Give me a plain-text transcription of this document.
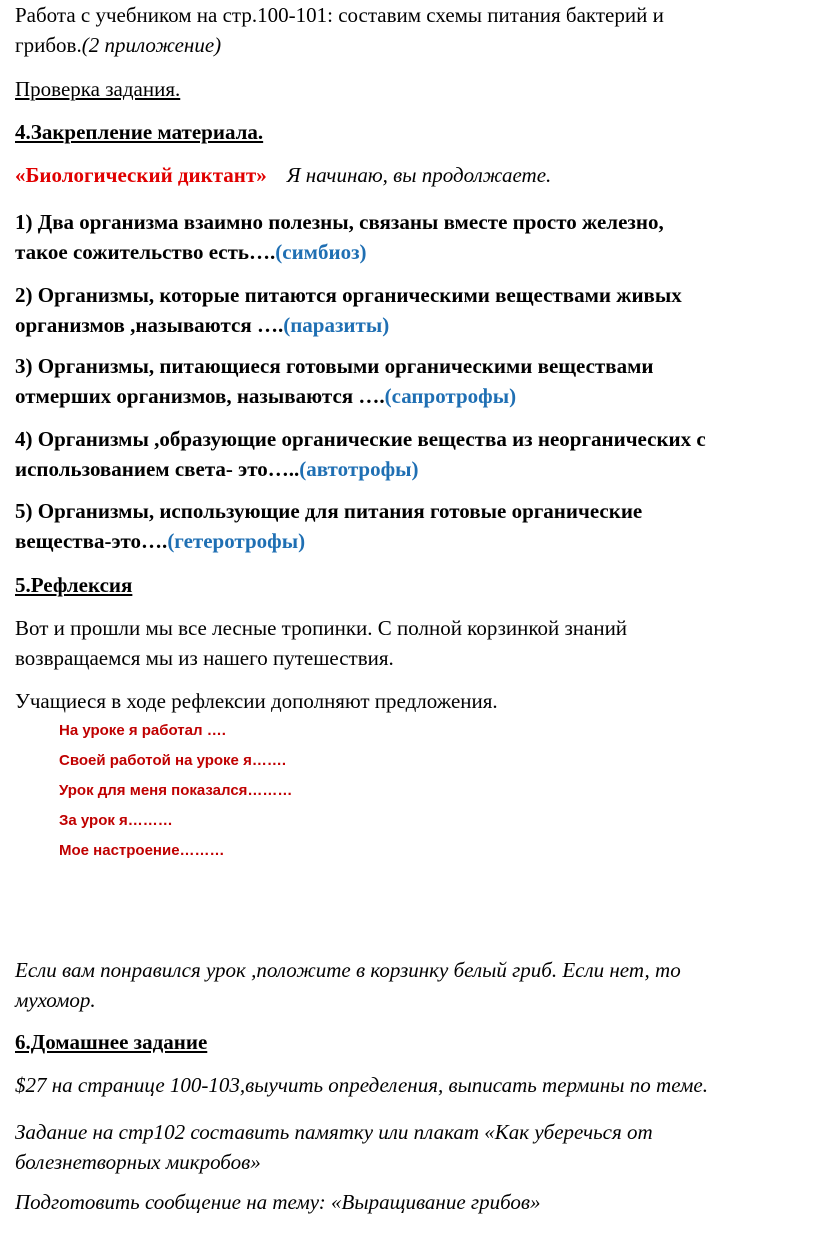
Работа с учебником на стр.100-101: составим схемы питания бактерий и

грибов.(2 приложение)

Проверка задания.

4.Закрепление материала.

«Биологический диктант» Я начинаю, вы продолжаете.

1) Два организма взаимно полезны, связаны вместе просто железно,

такое сожительство есть….(симбиоз)

2) Организмы, которые питаются органическими веществами живых

организмов ,называются ….(паразиты)

3) Организмы, питающиеся готовыми органическими веществами

отмерших организмов, называются ….(сапротрофы)

4) Организмы ,образующие органические вещества из неорганических с

использованием света- это…..(автотрофы)

5) Организмы, использующие для питания готовые органические

вещества-это….(гетеротрофы)

5.Рефлексия

Вот и прошли мы все лесные тропинки. С полной корзинкой знаний

возвращаемся мы из нашего путешествия.

Учащиеся в ходе рефлексии дополняют предложения.

На уроке я работал ….

Своей работой на уроке я…….

Урок для меня показался………

За урок я………

Мое настроение………

Если вам понравился урок ,положите в корзинку белый гриб. Если нет, то

мухомор.

6.Домашнее задание

$27 на странице 100-103,выучить определения, выписать термины по теме.

Задание на стр102 составить памятку или плакат «Как уберечься от

болезнетворных микробов»

Подготовить сообщение на тему: «Выращивание грибов»
